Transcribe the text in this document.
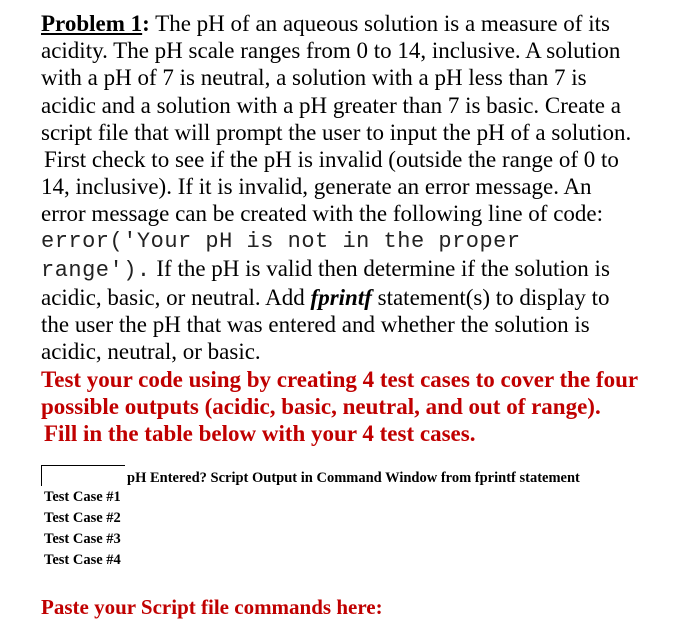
Problem 1: The pH of an aqueous solution is a measure of its
acidity. The pH scale ranges from 0 to 14, inclusive. A solution
with a pH of 7 is neutral, a solution with a pH less than 7 is
acidic and a solution with a pH greater than 7 is basic. Create a
script file that will prompt the user to input the pH of a solution.
First check to see if the pH is invalid (outside the range of 0 to
14, inclusive). If it is invalid, generate an error message. An
error message can be created with the following line of code:
error('Your pH is not in the proper
range'). If the pH is valid then determine if the solution is
acidic, basic, or neutral. Add fprintf statement(s) to display to
the user the pH that was entered and whether the solution is
acidic, neutral, or basic.
Test your code using by creating 4 test cases to cover the four
possible outputs (acidic, basic, neutral, and out of range).
Fill in the table below with your 4 test cases.
pH Entered? Script Output in Command Window from fprintf statement
Test Case #1
Test Case #2
Test Case #3
Test Case #4
Paste your Script file commands here:
